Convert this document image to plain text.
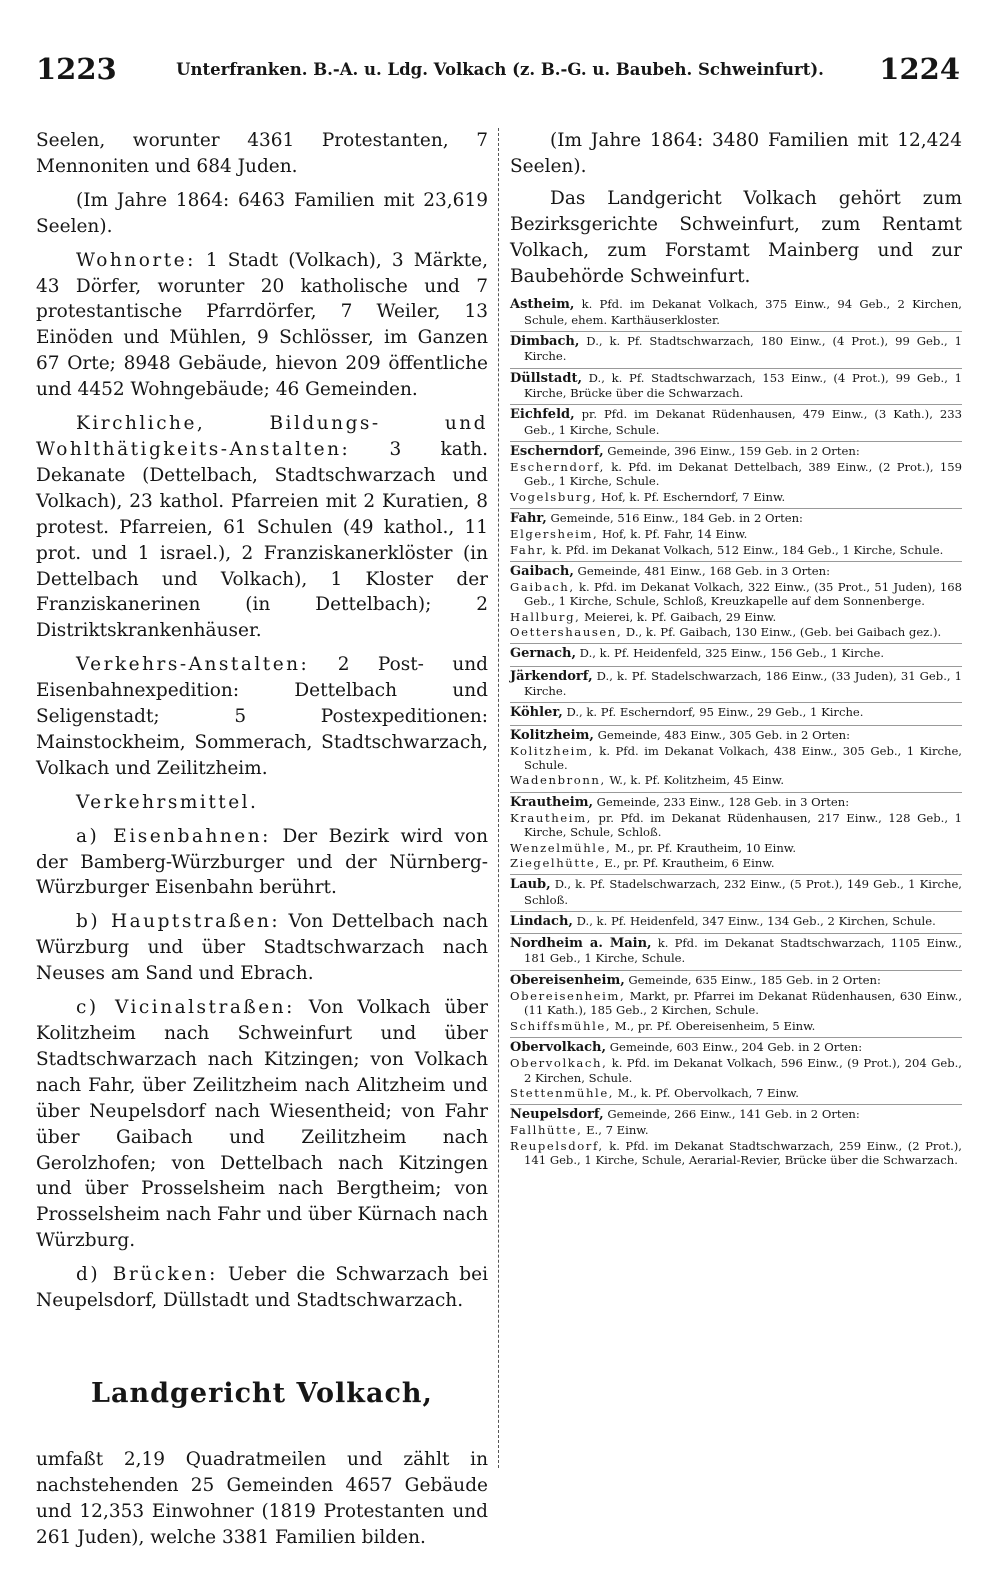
1223	Unterfranken. B.-A. u. Ldg. Volkach (z. B.-G. u. Baubeh. Schweinfurt). 1224

Seelen, worunter 4361 Protestanten, 7 Mennoniten und 684 Juden.

(Im Jahre 1864: 6463 Familien mit 23,619 Seelen).

Wohnorte: 1 Stadt (Volkach), 3 Märkte, 43 Dörfer, worunter 20 katholische und 7 protestantische Pfarrdörfer, 7 Weiler, 13 Einöden und Mühlen, 9 Schlösser, im Ganzen 67 Orte; 8948 Gebäude, hievon 209 öffentliche und 4452 Wohngebäude; 46 Gemeinden.

Kirchliche, Bildungs- und Wohlthätigkeits-Anstalten: 3 kath. Dekanate (Dettelbach, Stadtschwarzach und Volkach), 23 kathol. Pfarreien mit 2 Kuratien, 8 protest. Pfarreien, 61 Schulen (49 kathol., 11 prot. und 1 israel.), 2 Franziskanerklöster (in Dettelbach und Volkach), 1 Kloster der Franziskanerinen (in Dettelbach); 2 Distriktskrankenhäuser.

Verkehrs-Anstalten: 2 Post- und Eisenbahnexpedition: Dettelbach und Seligenstadt; 5 Postexpeditionen: Mainstockheim, Sommerach, Stadtschwarzach, Volkach und Zeilitzheim.

Verkehrsmittel.

a) Eisenbahnen: Der Bezirk wird von der Bamberg-Würzburger und der Nürnberg-Würzburger Eisenbahn berührt.

b) Hauptstraßen: Von Dettelbach nach Würzburg und über Stadtschwarzach nach Neuses am Sand und Ebrach.

c) Vicinalstraßen: Von Volkach über Kolitzheim nach Schweinfurt und über Stadtschwarzach nach Kitzingen; von Volkach nach Fahr, über Zeilitzheim nach Alitzheim und über Neupelsdorf nach Wiesentheid; von Fahr über Gaibach und Zeilitzheim nach Gerolzhofen; von Dettelbach nach Kitzingen und über Prosselsheim nach Bergtheim; von Prosselsheim nach Fahr und über Kürnach nach Würzburg.

d) Brücken: Ueber die Schwarzach bei Neupelsdorf, Düllstadt und Stadtschwarzach.

Landgericht Volkach,

umfaßt 2,19 Quadratmeilen und zählt in nachstehenden 25 Gemeinden 4657 Gebäude und 12,353 Einwohner (1819 Protestanten und 261 Juden), welche 3381 Familien bilden.

(Im Jahre 1864: 3480 Familien mit 12,424 Seelen).

Das Landgericht Volkach gehört zum Bezirksgerichte Schweinfurt, zum Rentamt Volkach, zum Forstamt Mainberg und zur Baubehörde Schweinfurt.

Astheim, k. Pfd. im Dekanat Volkach, 375 Einw., 94 Geb., 2 Kirchen, Schule, ehem. Karthäuserkloster.

Dimbach, D., k. Pf. Stadtschwarzach, 180 Einw., (4 Prot.), 99 Geb., 1 Kirche.

Düllstadt, D., k. Pf. Stadtschwarzach, 153 Einw., (4 Prot.), 99 Geb., 1 Kirche, Brücke über die Schwarzach.

Eichfeld, pr. Pfd. im Dekanat Rüdenhausen, 479 Einw., (3 Kath.), 233 Geb., 1 Kirche, Schule.

Escherndorf, Gemeinde, 396 Einw., 159 Geb. in 2 Orten:

Escherndorf, k. Pfd. im Dekanat Dettelbach, 389 Einw., (2 Prot.), 159 Geb., 1 Kirche, Schule.

Vogelsburg, Hof, k. Pf. Escherndorf, 7 Einw.

Fahr, Gemeinde, 516 Einw., 184 Geb. in 2 Orten:

Elgersheim, Hof, k. Pf. Fahr, 14 Einw.

Fahr, k. Pfd. im Dekanat Volkach, 512 Einw., 184 Geb., 1 Kirche, Schule.

Gaibach, Gemeinde, 481 Einw., 168 Geb. in 3 Orten:

Gaibach, k. Pfd. im Dekanat Volkach, 322 Einw., (35 Prot., 51 Juden), 168 Geb., 1 Kirche, Schule, Schloß, Kreuzkapelle auf dem Sonnenberge.

Hallburg, Meierei, k. Pf. Gaibach, 29 Einw.

Oettershausen, D., k. Pf. Gaibach, 130 Einw., (Geb. bei Gaibach gez.).

Gernach, D., k. Pf. Heidenfeld, 325 Einw., 156 Geb., 1 Kirche.

Järkendorf, D., k. Pf. Stadelschwarzach, 186 Einw., (33 Juden), 31 Geb., 1 Kirche.

Köhler, D., k. Pf. Escherndorf, 95 Einw., 29 Geb., 1 Kirche.

Kolitzheim, Gemeinde, 483 Einw., 305 Geb. in 2 Orten:

Kolitzheim, k. Pfd. im Dekanat Volkach, 438 Einw., 305 Geb., 1 Kirche, Schule.

Wadenbronn, W., k. Pf. Kolitzheim, 45 Einw.

Krautheim, Gemeinde, 233 Einw., 128 Geb. in 3 Orten:

Krautheim, pr. Pfd. im Dekanat Rüdenhausen, 217 Einw., 128 Geb., 1 Kirche, Schule, Schloß.

Wenzelmühle, M., pr. Pf. Krautheim, 10 Einw.

Ziegelhütte, E., pr. Pf. Krautheim, 6 Einw.

Laub, D., k. Pf. Stadelschwarzach, 232 Einw., (5 Prot.), 149 Geb., 1 Kirche, Schloß.

Lindach, D., k. Pf. Heidenfeld, 347 Einw., 134 Geb., 2 Kirchen, Schule.

Nordheim a. Main, k. Pfd. im Dekanat Stadtschwarzach, 1105 Einw., 181 Geb., 1 Kirche, Schule.

Obereisenheim, Gemeinde, 635 Einw., 185 Geb. in 2 Orten:

Obereisenheim, Markt, pr. Pfarrei im Dekanat Rüdenhausen, 630 Einw., (11 Kath.), 185 Geb., 2 Kirchen, Schule.

Schiffsmühle, M., pr. Pf. Obereisenheim, 5 Einw.

Obervolkach, Gemeinde, 603 Einw., 204 Geb. in 2 Orten:

Obervolkach, k. Pfd. im Dekanat Volkach, 596 Einw., (9 Prot.), 204 Geb., 2 Kirchen, Schule.

Stettenmühle, M., k. Pf. Obervolkach, 7 Einw.

Neupelsdorf, Gemeinde, 266 Einw., 141 Geb. in 2 Orten:

Fallhütte, E., 7 Einw.

Reupelsdorf, k. Pfd. im Dekanat Stadtschwarzach, 259 Einw., (2 Prot.), 141 Geb., 1 Kirche, Schule, Aerarial-Revier, Brücke über die Schwarzach.
